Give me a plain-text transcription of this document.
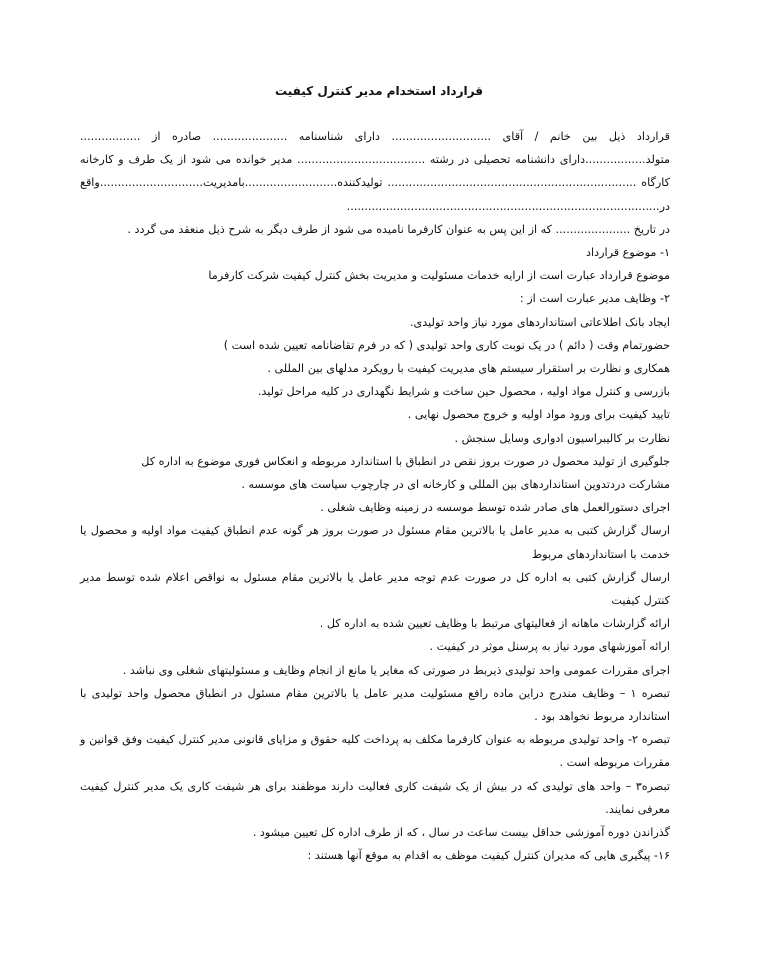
قرارداد استخدام مدیر کنترل کیفیت

قرارداد ذیل بین خانم / آقای ............................ دارای شناسنامه ..................... صادره از ................. متولد.................دارای دانشنامه تحصیلی در رشته .................................... مدیر خوانده می شود از یک طرف و کارخانه کارگاه ...................................................................... تولیدکننده..........................بامدیریت.............................واقع در........................................................................................

در تاریخ ..................... که از این پس به عنوان کارفرما نامیده می شود از طرف دیگر به شرح ذیل منعقد می گردد .

۱- موضوع قرارداد

موضوع قرارداد عبارت است از ارایه خدمات مسئولیت و مدیریت بخش کنترل کیفیت شرکت کارفرما

۲- وظایف مدیر عبارت است از :

ایجاد بانک اطلاعاتی استانداردهای مورد نیاز واحد تولیدی.

حضورتمام وقت ( دائم ) در یک نوبت کاری واحد تولیدی ( که در فرم تقاضانامه تعیین شده است )

همکاری و نظارت بر استقرار سیستم های مدیریت کیفیت با رویکرد مدلهای بین المللی .

بازرسی و کنترل مواد اولیه ، محصول حین ساخت و شرایط نگهداری در کلیه مراحل تولید.

تایید کیفیت برای ورود مواد اولیه و خروج محصول نهایی .

نظارت بر کالیبراسیون ادواری وسایل سنجش .

جلوگیری از تولید محصول در صورت بروز نقص در انطباق با استاندارد مربوطه و انعکاس فوری موضوع به اداره کل

مشارکت دردتدوین استانداردهای بین المللی و کارخانه ای در چارچوب سیاست های موسسه .

اجرای دستورالعمل های صادر شده توسط موسسه در زمینه وظایف شغلی .

ارسال گزارش کتبی به مدیر عامل یا بالاترین مقام مسئول در صورت بروز هر گونه عدم انطباق کیفیت مواد اولیه و محصول یا خدمت با استانداردهای مربوط

ارسال گزارش کتبی به اداره کل در صورت عدم توجه مدیر عامل یا بالاترین مقام مسئول به نواقص اعلام شده توسط مدیر کنترل کیفیت

ارائه گزارشات ماهانه از فعالیتهای مرتبط با وظایف تعیین شده به اداره کل .

ارائه آموزشهای مورد نیاز به پرسنل موثر در کیفیت .

اجرای مقررات عمومی واحد تولیدی ذیربط در صورتی که مغایر یا مانع از انجام وظایف و مسئولیتهای شغلی وی نباشد .

تبصره ۱ – وظایف مندرج دراین ماده رافع مسئولیت مدیر عامل یا بالاترین مقام مسئول در انطباق محصول واحد تولیدی با استاندارد مربوط نخواهد بود .

تبصره ۲- واحد تولیدی مربوطه به عنوان کارفرما مکلف به پرداخت کلیه حقوق و مزایای قانونی مدیر کنترل کیفیت وفق قوانین و مقررات مربوطه است .

تبصره۳ – واحد های تولیدی که در بیش از یک شیفت کاری فعالیت دارند موظفند برای هر شیفت کاری یک مدیر کنترل کیفیت معرفی نمایند.

گذراندن دوره آموزشی حداقل بیست ساعت در سال ، که از طرف اداره کل تعیین میشود .

۱۶- پیگیری هایی که مدیران کنترل کیفیت موظف به اقدام به موقع آنها هستند :
